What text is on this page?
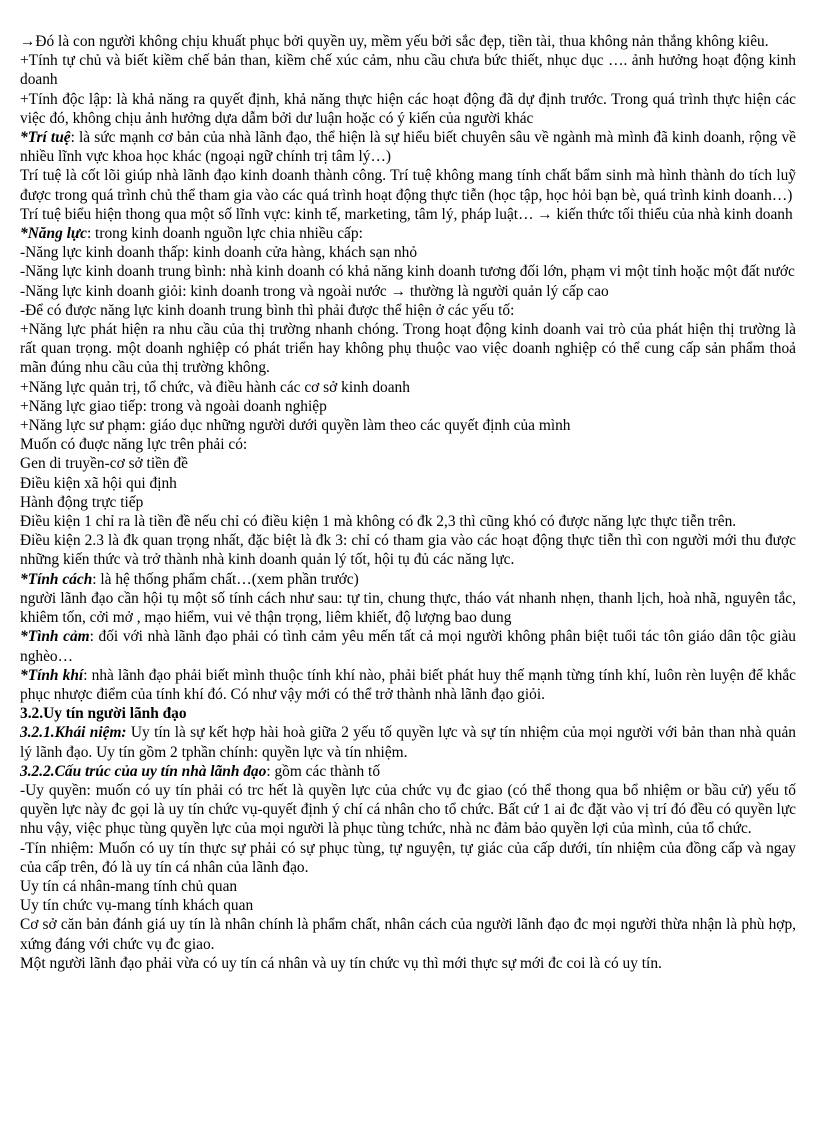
→Đó là con người không chịu khuất phục bởi quyền uy, mềm yếu bởi sắc đẹp, tiền tài, thua không nản thắng không kiêu.

+Tính tự chủ và biết kiềm chế bản than, kiềm chế xúc cảm, nhu cầu chưa bức thiết, nhục dục …. ảnh hưởng hoạt động kinh doanh

+Tính độc lập: là khả năng ra quyết định, khả năng thực hiện các hoạt động đã dự định trước. Trong quá trình thực hiện các việc đó, không chịu ảnh hưởng dựa dẫm bởi dư luận hoặc có ý kiến của người khác

*Trí tuệ: là sức mạnh cơ bản của nhà lãnh đạo, thể hiện là sự hiểu biết chuyên sâu về ngành mà mình đã kinh doanh, rộng về nhiều lĩnh vực khoa học khác (ngoại ngữ chính trị tâm lý…)

Trí tuệ là cốt lõi giúp nhà lãnh đạo kinh doanh thành công. Trí tuệ không mang tính chất bẩm sinh mà hình thành do tích luỹ được trong quá trình chủ thể tham gia vào các quá trình hoạt động thực tiễn (học tập, học hỏi bạn bè, quá trình kinh doanh…)

Trí tuệ biểu hiện thong qua một số lĩnh vực: kinh tế, marketing, tâm lý, pháp luật… → kiến thức tối thiểu của nhà kinh doanh

*Năng lực: trong kinh doanh nguồn lực chia nhiều cấp:

-Năng lực kinh doanh thấp: kinh doanh cửa hàng, khách sạn nhỏ

-Năng lực kinh doanh trung bình: nhà kinh doanh có khả năng kinh doanh tương đối lớn, phạm vi một tỉnh hoặc một đất nước

-Năng lực kinh doanh giỏi: kinh doanh trong và ngoài nước → thường là người quản lý cấp cao

-Để có được năng lực kinh doanh trung bình thì phải được thể hiện ở các yếu tố:

+Năng lực phát hiện ra nhu cầu của thị trường nhanh chóng. Trong hoạt động kinh doanh vai trò của phát hiện thị trường là rất quan trọng. một doanh nghiệp có phát triển hay không phụ thuộc vao việc doanh nghiệp có thể cung cấp sản phẩm thoả mãn đúng nhu cầu của thị trường không.

+Năng lực quản trị, tổ chức, và điều hành các cơ sở kinh doanh

+Năng lực giao tiếp: trong và ngoài doanh nghiệp

+Năng lực sư phạm: giáo dục những người dưới quyền làm theo các quyết định của mình

Muốn có đuợc năng lực trên phải có:

Gen di truyền-cơ sở tiền đề

Điều kiện xã hội qui định

Hành động trực tiếp

Điều kiện 1 chỉ ra là tiền đề nếu chỉ có điều kiện 1 mà không có đk 2,3 thì cũng khó có được năng lực thực tiễn trên.

Điều kiện 2.3 là đk quan trọng nhất, đặc biệt là đk 3: chỉ có tham gia vào các hoạt động thực tiễn thì con người mới thu được những kiến thức và trở thành nhà kinh doanh quản lý tốt, hội tụ đủ các năng lực.

*Tính cách: là hệ thống phẩm chất…(xem phần trước)

người lãnh đạo cần hội tụ một số tính cách như sau: tự tin, chung thực, tháo vát nhanh nhẹn, thanh lịch, hoà nhã, nguyên tắc, khiêm tốn, cởi mở , mạo hiểm, vui vẻ thận trọng, liêm khiết, độ lượng bao dung

*Tình cảm: đối với nhà lãnh đạo phải có tình cảm yêu mến tất cả mọi người không phân biệt tuổi tác tôn giáo dân tộc giàu nghèo…

*Tính khí: nhà lãnh đạo phải biết mình thuộc tính khí nào, phải biết phát huy thế mạnh từng tính khí, luôn rèn luyện để khắc phục nhược điểm của tính khí đó. Có như vậy mới có thể trở thành nhà lãnh đạo giỏi.

3.2.Uy tín người lãnh đạo

3.2.1.Khái niệm: Uy tín là sự kết hợp hài hoà giữa 2 yếu tố quyền lực và sự tín nhiệm của mọi người với bản than nhà quản lý lãnh đạo. Uy tín gồm 2 tphần chính: quyền lực và tín nhiệm.

3.2.2.Cấu trúc của uy tín nhà lãnh đạo: gồm các thành tố

-Uy quyền: muốn có uy tín phải có trc hết là quyền lực của chức vụ đc giao (có thể thong qua bổ nhiệm or bầu cử) yếu tố quyền lực này đc gọi là uy tín chức vụ-quyết định ý chí cá nhân cho tổ chức. Bất cứ 1 ai đc đặt vào vị trí đó đều có quyền lực nhu vậy, việc phục tùng quyền lực của mọi người là phục tùng tchức, nhà nc đảm bảo quyền lợi của mình, của tổ chức.

-Tín nhiệm: Muốn có uy tín thực sự phải có sự phục tùng, tự nguyện, tự giác của cấp dưới, tín nhiệm của đồng cấp và ngay của cấp trên, đó là uy tín cá nhân của lãnh đạo.

Uy tín cá nhân-mang tính chủ quan

Uy tín chức vụ-mang tính khách quan

Cơ sở căn bản đánh giá uy tín là nhân chính là phẩm chất, nhân cách của người lãnh đạo đc mọi người thừa nhận là phù hợp, xứng đáng với chức vụ đc giao.

Một người lãnh đạo phải vừa có uy tín cá nhân và uy tín chức vụ thì mới thực sự mới đc coi là có uy tín.
